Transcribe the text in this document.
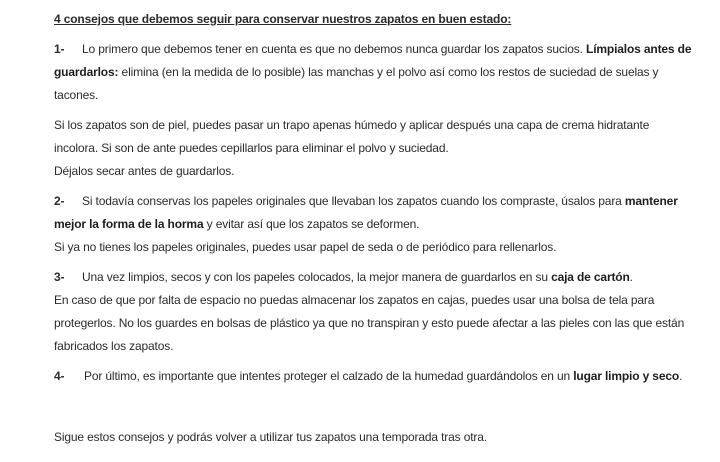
4 consejos que debemos seguir para conservar nuestros zapatos en buen estado:
1- Lo primero que debemos tener en cuenta es que no debemos nunca guardar los zapatos sucios. Límpialos antes de
guardarlos: elimina (en la medida de lo posible) las manchas y el polvo así como los restos de suciedad de suelas y
tacones.
Si los zapatos son de piel, puedes pasar un trapo apenas húmedo y aplicar después una capa de crema hidratante
incolora. Si son de ante puedes cepillarlos para eliminar el polvo y suciedad.
Déjalos secar antes de guardarlos.
2- Si todavía conservas los papeles originales que llevaban los zapatos cuando los compraste, úsalos para mantener
mejor la forma de la horma y evitar así que los zapatos se deformen.
Si ya no tienes los papeles originales, puedes usar papel de seda o de periódico para rellenarlos.
3- Una vez limpios, secos y con los papeles colocados, la mejor manera de guardarlos en su caja de cartón.
En caso de que por falta de espacio no puedas almacenar los zapatos en cajas, puedes usar una bolsa de tela para
protegerlos. No los guardes en bolsas de plástico ya que no transpiran y esto puede afectar a las pieles con las que están
fabricados los zapatos.
4- Por último, es importante que intentes proteger el calzado de la humedad guardándolos en un lugar limpio y seco.
Sigue estos consejos y podrás volver a utilizar tus zapatos una temporada tras otra.
